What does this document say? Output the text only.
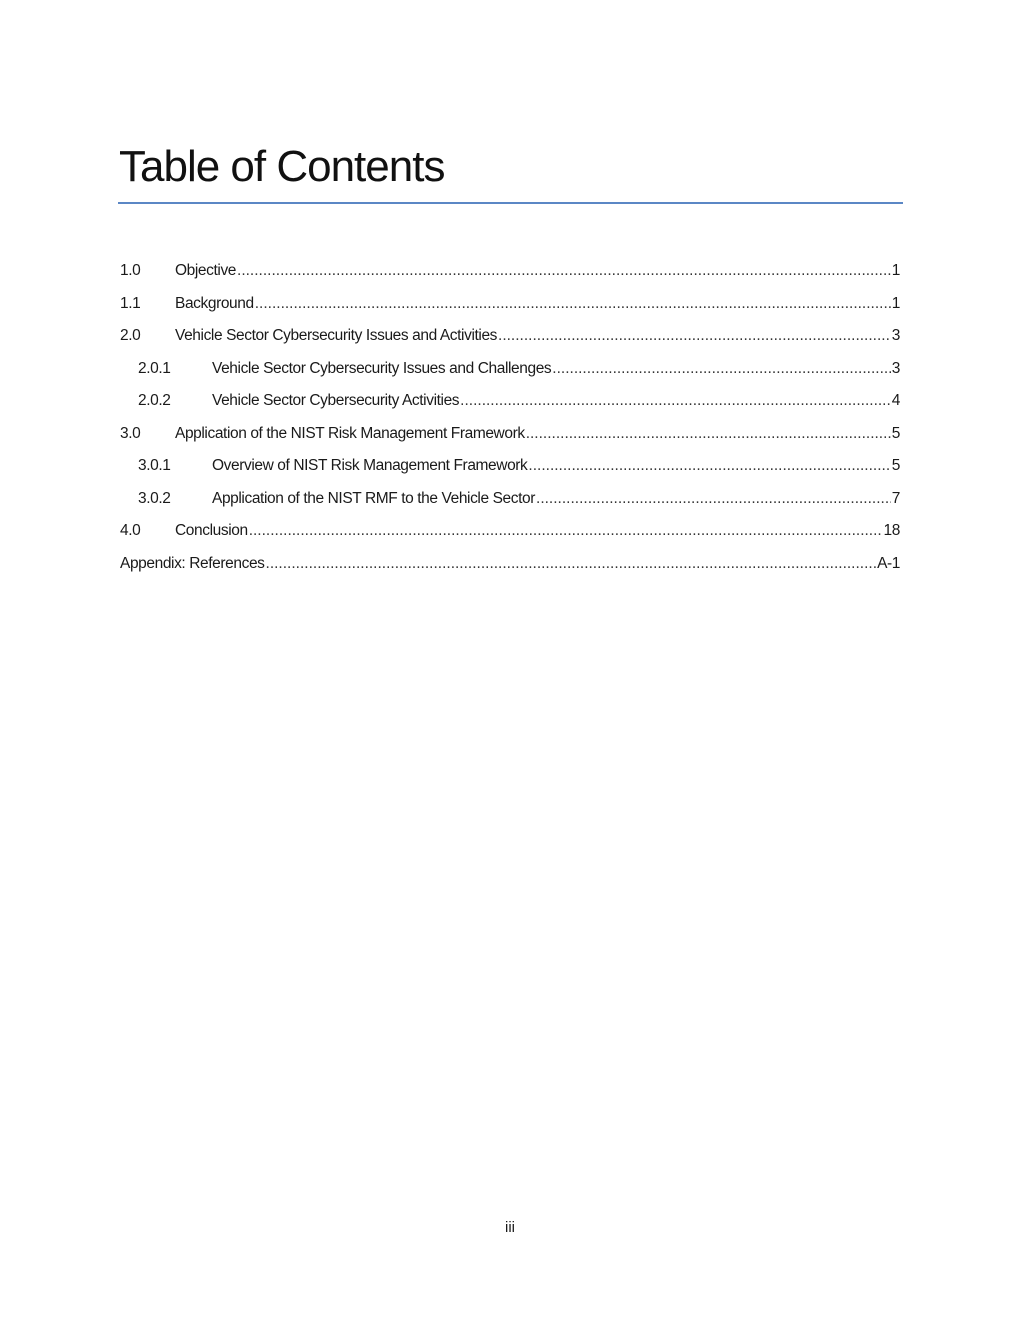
Table of Contents
1.0	Objective .....	1
1.1	Background .....	1
2.0	Vehicle Sector Cybersecurity Issues and Activities .....	3
2.0.1	Vehicle Sector Cybersecurity Issues and Challenges .....	3
2.0.2	Vehicle Sector Cybersecurity Activities .....	4
3.0	Application of the NIST Risk Management Framework .....	5
3.0.1	Overview of NIST Risk Management Framework .....	5
3.0.2	Application of the NIST RMF to the Vehicle Sector .....	7
4.0	Conclusion .....	18
Appendix: References .....	A-1
iii
